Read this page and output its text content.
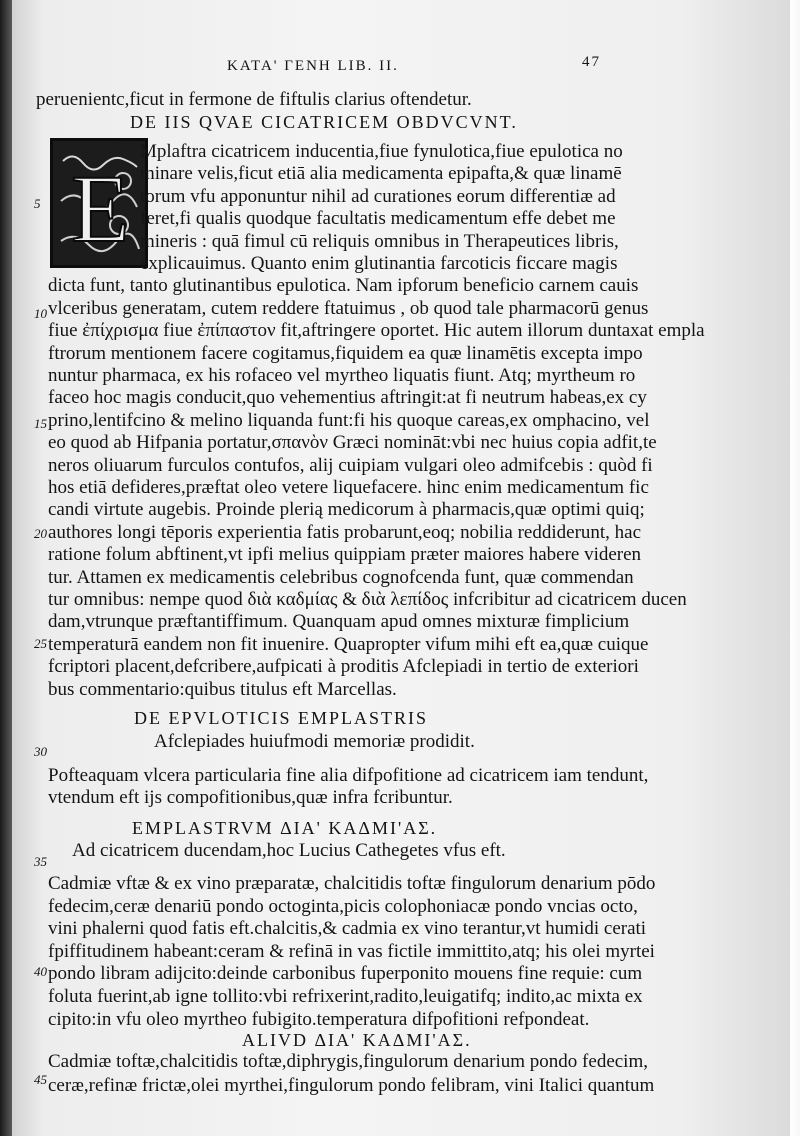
KATA' ΓΕΝΗ LIB. II.	47
peruenientc,ficut in fermone de fiftulis clarius oftendetur.
DE IIS QVAE CICATRICEM OBDVCVNT.
E
Mplaftra cicatricem inducentia,fiue fynulotica,fiue epulotica no
minare velis,ficut etiā alia medicamenta epipafta,& quæ linamē
torum vfu apponuntur nihil ad curationes eorum differentiæ ad
feret,fi qualis quodque facultatis medicamentum effe debet me
mineris : quā fimul cū reliquis omnibus in Therapeutices libris,
explicauimus. Quanto enim glutinantia farcoticis ficcare magis
dicta funt, tanto glutinantibus epulotica. Nam ipforum beneficio carnem cauis
vlceribus generatam, cutem reddere ftatuimus , ob quod tale pharmacorū genus
fiue ἐπίχρισμα fiue ἐπίπαστον fit,aftringere oportet. Hic autem illorum duntaxat empla
ftrorum mentionem facere cogitamus,fiquidem ea quæ linamētis excepta impo
nuntur pharmaca, ex his rofaceo vel myrtheo liquatis fiunt. Atq; myrtheum ro
faceo hoc magis conducit,quo vehementius aftringit:at fi neutrum habeas,ex cy
prino,lentifcino & melino liquanda funt:fi his quoque careas,ex omphacino, vel
eo quod ab Hifpania portatur,σπανὸν Græci nomināt:vbi nec huius copia adfit,te
neros oliuarum furculos contufos, alij cuipiam vulgari oleo admifcebis : quòd fi
hos etiā defideres,præftat oleo vetere liquefacere. hinc enim medicamentum fic
candi virtute augebis. Proinde plerią medicorum à pharmacis,quæ optimi quiq;
authores longi tēporis experientia fatis probarunt,eoq; nobilia reddiderunt, hac
ratione folum abftinent,vt ipfi melius quippiam præter maiores habere videren
tur. Attamen ex medicamentis celebribus cognofcenda funt, quæ commendan
tur omnibus: nempe quod διὰ καδμίας & διὰ λεπίδος infcribitur ad cicatricem ducen
dam,vtrunque præftantiffimum. Quanquam apud omnes mixturæ fimplicium
temperaturā eandem non fit inuenire. Quapropter vifum mihi eft ea,quæ cuique
fcriptori placent,defcribere,aufpicati à proditis Afclepiadi in tertio de exteriori
bus commentario:quibus titulus eft Marcellas.
DE EPVLOTICIS EMPLASTRIS
Afclepiades huiufmodi memoriæ prodidit.
Pofteaquam vlcera particularia fine alia difpofitione ad cicatricem iam tendunt,
vtendum eft ijs compofitionibus,quæ infra fcribuntur.
EMPLASTRVM ΔΙΑ' ΚΑΔΜΙ'ΑΣ.
Ad cicatricem ducendam,hoc Lucius Cathegetes vfus eft.
Cadmiæ vftæ & ex vino præparatæ, chalcitidis toftæ fingulorum denarium pōdo
fedecim,ceræ denariū pondo octoginta,picis colophoniacæ pondo vncias octo,
vini phalerni quod fatis eft.chalcitis,& cadmia ex vino terantur,vt humidi cerati
fpiffitudinem habeant:ceram & refinā in vas fictile immittito,atq; his olei myrtei
pondo libram adijcito:deinde carbonibus fuperponito mouens fine requie: cum
foluta fuerint,ab igne tollito:vbi refrixerint,radito,leuigatifq; indito,ac mixta ex
cipito:in vfu oleo myrtheo fubigito.temperatura difpofitioni refpondeat.
ALIVD ΔΙΑ' ΚΑΔΜΙ'ΑΣ.
Cadmiæ toftæ,chalcitidis toftæ,diphrygis,fingulorum denarium pondo fedecim,
ceræ,refinæ frictæ,olei myrthei,fingulorum pondo felibram, vini Italici quantum
5
10
15
20
25
30
35
40
45
